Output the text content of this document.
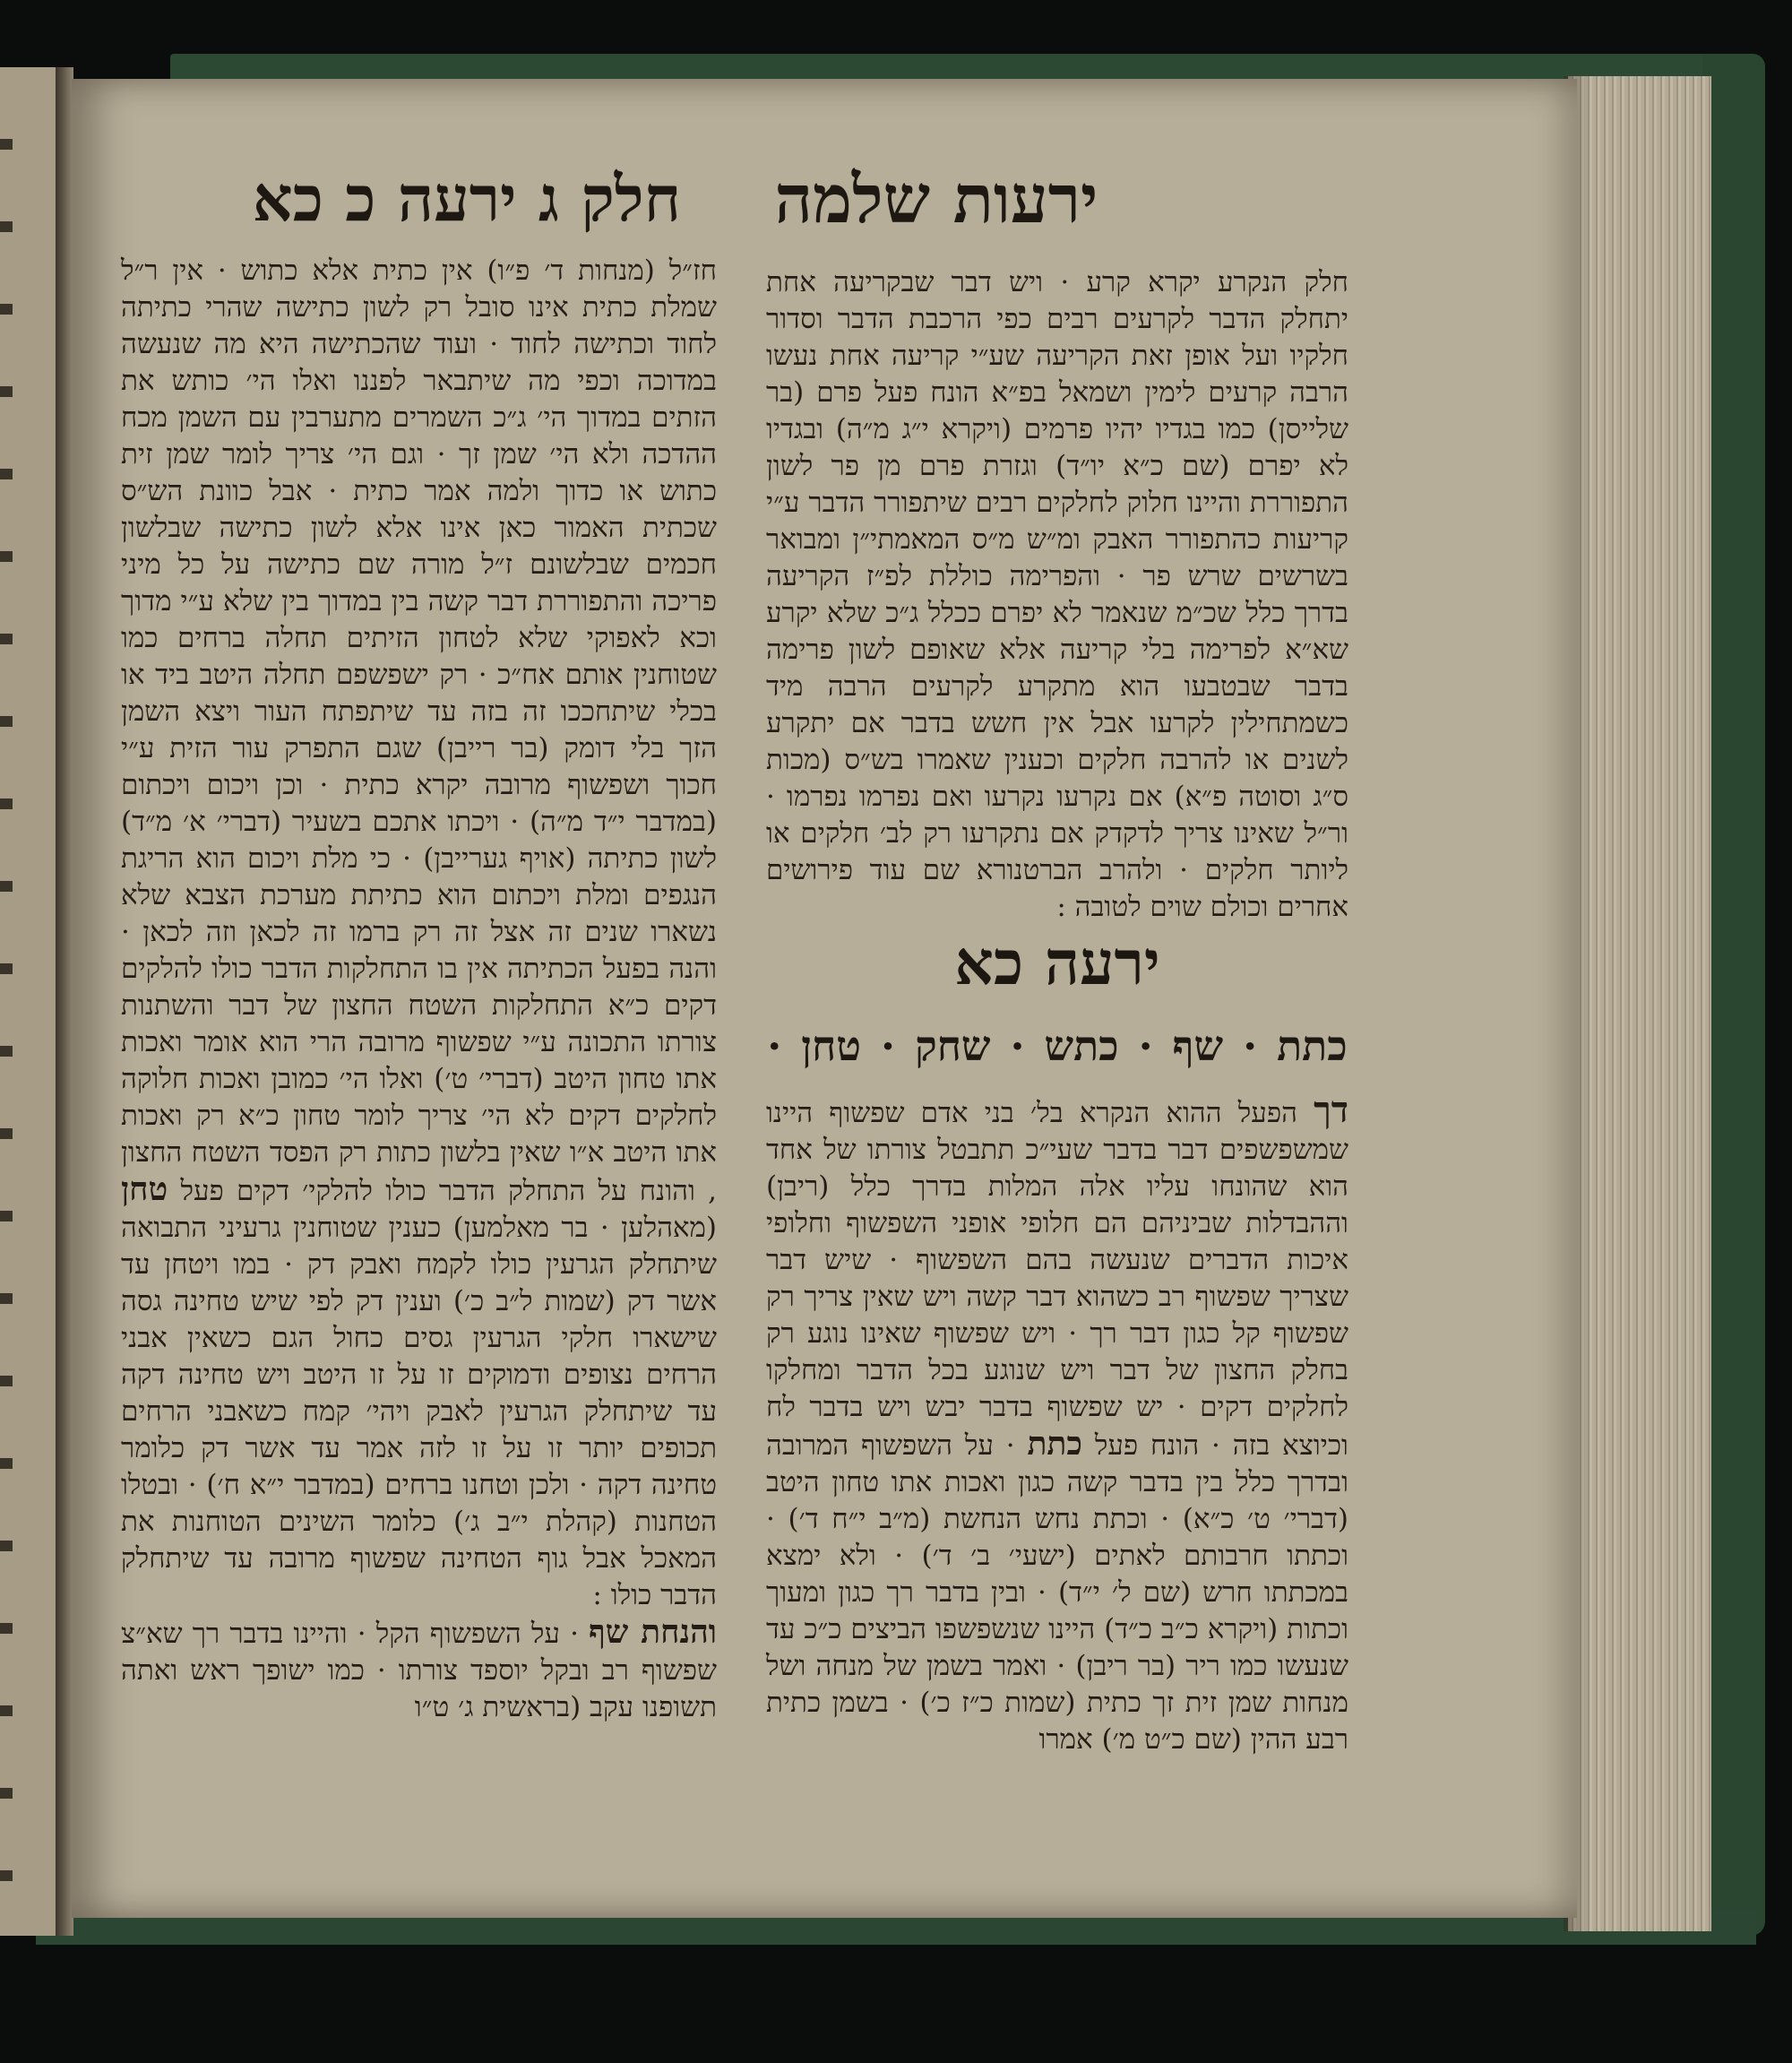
ירעות שלמה
חלק ג ירעה כ כא

חלק הנקרע יקרא קרע · ויש דבר שבקריעה אחת יתחלק הדבר לקרעים רבים כפי הרכבת הדבר וסדור חלקיו ועל אופן זאת הקריעה שע״י קריעה אחת נעשו הרבה קרעים לימין ושמאל בפ״א הונח פעל פרם (בר שלייסן) כמו בגדיו יהיו פרמים (ויקרא י״ג מ״ה) ובגדיו לא יפרם (שם כ״א יו״ד) וגזרת פרם מן פר לשון התפוררת והיינו חלוק לחלקים רבים שיתפורר הדבר ע״י קריעות כהתפורר האבק ומ״ש מ״ס המאמתי״ן ומבואר בשרשים שרש פר · והפרימה כוללת לפ״ז הקריעה בדרך כלל שכ״מ שנאמר לא יפרם ככלל ג״כ שלא יקרע שא״א לפרימה בלי קריעה אלא שאופם לשון פרימה בדבר שבטבעו הוא מתקרע לקרעים הרבה מיד כשמתחילין לקרעו אבל אין חשש בדבר אם יתקרע לשנים או להרבה חלקים וכענין שאמרו בש״ס (מכות ס״ג וסוטה פ״א) אם נקרעו נקרעו ואם נפרמו נפרמו · ור״ל שאינו צריך לדקדק אם נתקרעו רק לב׳ חלקים או ליותר חלקים · ולהרב הברטנורא שם עוד פירושים אחרים וכולם שוים לטובה :

ירעה כא
כתת · שף · כתש · שחק · טחן ·

דך הפעל ההוא הנקרא בל׳ בני אדם שפשוף היינו שמשפשפים דבר בדבר שעי״כ תתבטל צורתו של אחד הוא שהונחו עליו אלה המלות בדרך כלל (ריבן) וההבדלות שביניהם הם חלופי אופני השפשוף וחלופי איכות הדברים שנעשה בהם השפשוף · שיש דבר שצריך שפשוף רב כשהוא דבר קשה ויש שאין צריך רק שפשוף קל כגון דבר רך · ויש שפשוף שאינו נוגע רק בחלק החצון של דבר ויש שנוגע בכל הדבר ומחלקו לחלקים דקים · יש שפשוף בדבר יבש ויש בדבר לח וכיוצא בזה · הונח פעל כתת · על השפשוף המרובה ובדרך כלל בין בדבר קשה כגון ואכות אתו טחון היטב (דברי׳ ט׳ כ״א) · וכתת נחש הנחשת (מ״ב י״ח ד׳) · וכתתו חרבותם לאתים (ישעי׳ ב׳ ד׳) · ולא ימצא במכתתו חרש (שם ל׳ י״ד) · ובין בדבר רך כגון ומעוך וכתות (ויקרא כ״ב כ״ד) היינו שנשפשפו הביצים כ״כ עד שנעשו כמו ריר (בר ריבן) · ואמר בשמן של מנחה ושל מנחות שמן זית זך כתית (שמות כ״ז כ׳) · בשמן כתית רבע ההין (שם כ״ט מ׳) אמרו

חז״ל (מנחות ד׳ פ״ו) אין כתית אלא כתוש · אין ר״ל שמלת כתית אינו סובל רק לשון כתישה שהרי כתיתה לחוד וכתישה לחוד · ועוד שהכתישה היא מה שנעשה במדוכה וכפי מה שיתבאר לפננו ואלו הי׳ כותש את הזתים במדוך הי׳ ג״כ השמרים מתערבין עם השמן מכח ההדכה ולא הי׳ שמן זך · וגם הי׳ צריך לומר שמן זית כתוש או כדוך ולמה אמר כתית · אבל כוונת הש״ס שכתית האמור כאן אינו אלא לשון כתישה שבלשון חכמים שבלשונם ז״ל מורה שם כתישה על כל מיני פריכה והתפוררת דבר קשה בין במדוך בין שלא ע״י מדוך וכא לאפוקי שלא לטחון הזיתים תחלה ברחים כמו שטוחנין אותם אח״כ · רק ישפשפם תחלה היטב ביד או בכלי שיתחככו זה בזה עד שיתפתח העור ויצא השמן הזך בלי דומק (בר רייבן) שגם התפרק עור הזית ע״י חכוך ושפשוף מרובה יקרא כתית · וכן ויכום ויכתום (במדבר י״ד מ״ה) · ויכתו אתכם בשעיר (דברי׳ א׳ מ״ד) לשון כתיתה (אויף גערייבן) · כי מלת ויכום הוא הריגת הנגפים ומלת ויכתום הוא כתיתת מערכת הצבא שלא נשארו שנים זה אצל זה רק ברמו זה לכאן וזה לכאן · והנה בפעל הכתיתה אין בו התחלקות הדבר כולו להלקים דקים כ״א התחלקות השטח החצון של דבר והשתנות צורתו התכונה ע״י שפשוף מרובה הרי הוא אומר ואכות אתו טחון היטב (דברי׳ ט׳) ואלו הי׳ כמובן ואכות חלוקה לחלקים דקים לא הי׳ צריך לומר טחון כ״א רק ואכות אתו היטב א״ו שאין בלשון כתות רק הפסד השטח החצון , והונח על התחלק הדבר כולו להלקי׳ דקים פעל טחן (מאהלען · בר מאלמען) כענין שטוחנין גרעיני התבואה שיתחלק הגרעין כולו לקמח ואבק דק · במו ויטחן עד אשר דק (שמות ל״ב כ׳) וענין דק לפי שיש טחינה גסה שישארו חלקי הגרעין גסים כחול הגם כשאין אבני הרחים נצופים ודמוקים זו על זו היטב ויש טחינה דקה עד שיתחלק הגרעין לאבק ויהי׳ קמח כשאבני הרחים תכופים יותר זו על זו לזה אמר עד אשר דק כלומר טחינה דקה · ולכן וטחנו ברחים (במדבר י״א ח׳) · ובטלו הטחנות (קהלת י״ב ג׳) כלומר השינים הטוחנות את המאכל אבל גוף הטחינה שפשוף מרובה עד שיתחלק הדבר כולו :

והנחת שף · על השפשוף הקל · והיינו בדבר רך שא״צ שפשוף רב ובקל יוספד צורתו · כמו ישופך ראש ואתה תשופנו עקב (בראשית ג׳ ט״ו
